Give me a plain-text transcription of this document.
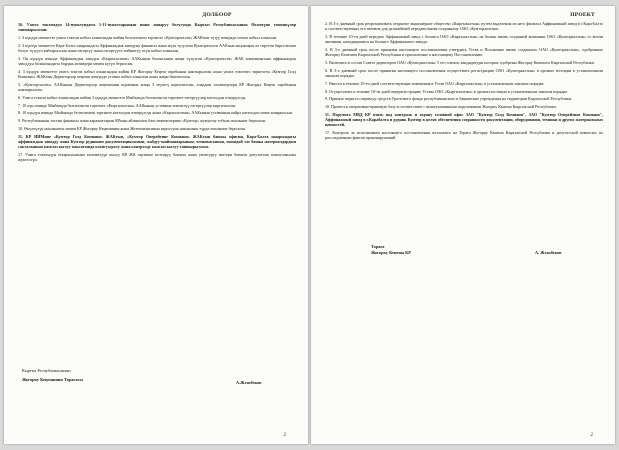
ДОЛБООР

16. Уамга токтомдун 14-пунктундагы 1-11-пункттарынын ишке ашыруу болугунда Кыргыз Республикасынын Өкмөтүнө төмөнкүлөр тапшырылсын:

1. 3 күндүк мөөнөттө уамга токтом кабыл алынгандан кийин белгиленген тартипте «Кумтораталти» ЖАКтын түзүү жөнүндө чечим кабыл алынсын.

2. 3 күнтүк мөөнөттө Кара-Балта шаарындагы Аффинаждык заводуну финансы жана мүлк түзүлгөн Кумтораталти ААКына акциялары ал төрттөн биргелешип болуп түзүүгө кайтарылсын жана өзгөртүү жана өзгөртүүгө тийиштүү өтүн кабыл алынсын.

3. Он күндүн ичинде Аффинаждык заводун «Кыргызалтын» ААКынын балансынан жаңы түзүлгөн «Кумтораталти» ЖАК компаниясына аффинаждык заводдун балансындагы бардык активдери менен күтүп берилсин.

4. 3 күндүк мөөнөттө уамга токтом кабыл алынгандан кийин КР Жогорку Кеңеш тарабынан жактырылган жана уамга токтомго тиркелген «Кумтор Голд Компани» ЖАКтын Директорлор кеңеши жөнүндө уставы кабыл алынсын жана жаңы бекитилсин.

5. «Кумтортаалти» ААКынын Директорлор кеңешинин курамына жаңы 5 мүчөсү киргизилсин, алардын талапкерлери КР Жогорку Кеңеш тарабынан жактырылган.

6. Уамга токтом кабыл алынгандан кийин 3 күндүк мөөнөттө Мыйзамда белгиленген тартипте өзгөртүүлөр каттоодан өткөрүлсүн.

7. 10 күн ичинде Мыйзамда белгиленген тартипте «Кыргызалтын» ААКынын уставына тиешелүү өзгөртүүлөр киргизилсин.

8. 10 күндүн ичинде Мыйзамда белгиленген тартипте каттоодон өткөрүлсүн жана «Кыргызалтын» ААКынын уставынын кайра каттоодон ишке ашырылсын.

9. Республиканын тастык финансы жана каражаттарын КРнын айлыктагы баш мекемелерине «Кумтор» жумушчу тобуна маалымат берилсин.

10. Өкүлчүлүк маалыматы менен КР Жогорку Кеңешинин жана Жетекчилигинин кароосуна шашылыш түрдө маалымат берилсин.

11. КР ИИМине «Кумтор Голд Компани» ЖАКтын, «Кумтор Оперейтинг Компани» ЖАКтын башкы офисин, Кара-Балта шаарындагы аффинаждык заводду жана Кумтор рудникин документациясынын, жабдуу-шайманаарынын, техникасынын, ошондой эле башка материалдардын сакталышын камсыз кылуу максатында коопсуздукту жана контролду камсыз кылуу тапшырылсын.

17. Уамга токтомдун аткарылышына көзөмөлдүк кылуу КР ЖК тартипке келтирүү боюнча жана уюштуруу иштери боюнча депутаттык комиссиясына жүктөлсүн.

Кыргыз Республикасынын
Жогорку Кеңешинин Төрагасы
А.Жээнбеков
2
ПРОЕКТ

2. В 3-х дневный срок реорганизовать открытое акционерное общество «Кыргызалтын» путем выделения из него филиала Аффинажный завод в г.Кара-Балта и соответствующих его активов для дальнейшей передачи вновь созданному ОАО «Кумтораалтын».

3. В течение 10-ти дней передать Аффинажный завод с баланса ОАО «Кыргызалтын» на баланс вновь созданной компании ОАО «Кумтораалтын» со всеми активами, находящимися на балансе Аффинажного завода.

4. В 3-х дневный срок после принятия настоящего постановления утвердить Устав и Положение вновь созданного ОАО «Кумтораалтын», одобренные Жогорку Кенешем Кыргызской Республики и прилагаемые к настоящему Постановлению.

5. Включить в состав Совета директоров ОАО «Кумтораалтын» 5 его членов, кандидатуры которых одобрены Жогорку Кенешем Кыргызской Республики.

6. В 3-х дневный срок после принятия настоящего постановления осуществить регистрацию ОАО «Кумтораалтын» в органах юстиции в установленном законом порядке.

7. Внести в течение 10-ти дней соответствующие изменения в Устав ОАО «Кыргызалтын» в установленном законом порядке.

8. Осуществить в течение 10-ти дней перерегистрацию Устава ОАО «Кыргызалтын» в органах юстиции в установленном законом порядке.

9. Принять меры по переводу средств Трастового фонда республиканского в банковские учреждения на территории Кыргызской Республики.

10. Провести оперативно-правовую базу в соответствие с вышеуказанными поручениями Жогорку Кенеша Кыргызской Республики.

11. Поручить МВД КР взять под контроль и охрану головной офис ЗАО "Кумтор Голд Компани", ЗАО "Кумтор Оперейтинг Компани", Аффинажный завод в г.Карабалта и рудник Кумтор в целях обеспечения сохранности документации, оборудования, техники и других материальных ценностей.

17. Контроль за исполнением настоящего постановления возложить на Тораға Жогорку Кенеша Кыргызской Республики и депутатской комиссии по расследованию фактов правонарушений.

Тораға
Жогорку Кенеша КР	А. Жээнбеков
2
